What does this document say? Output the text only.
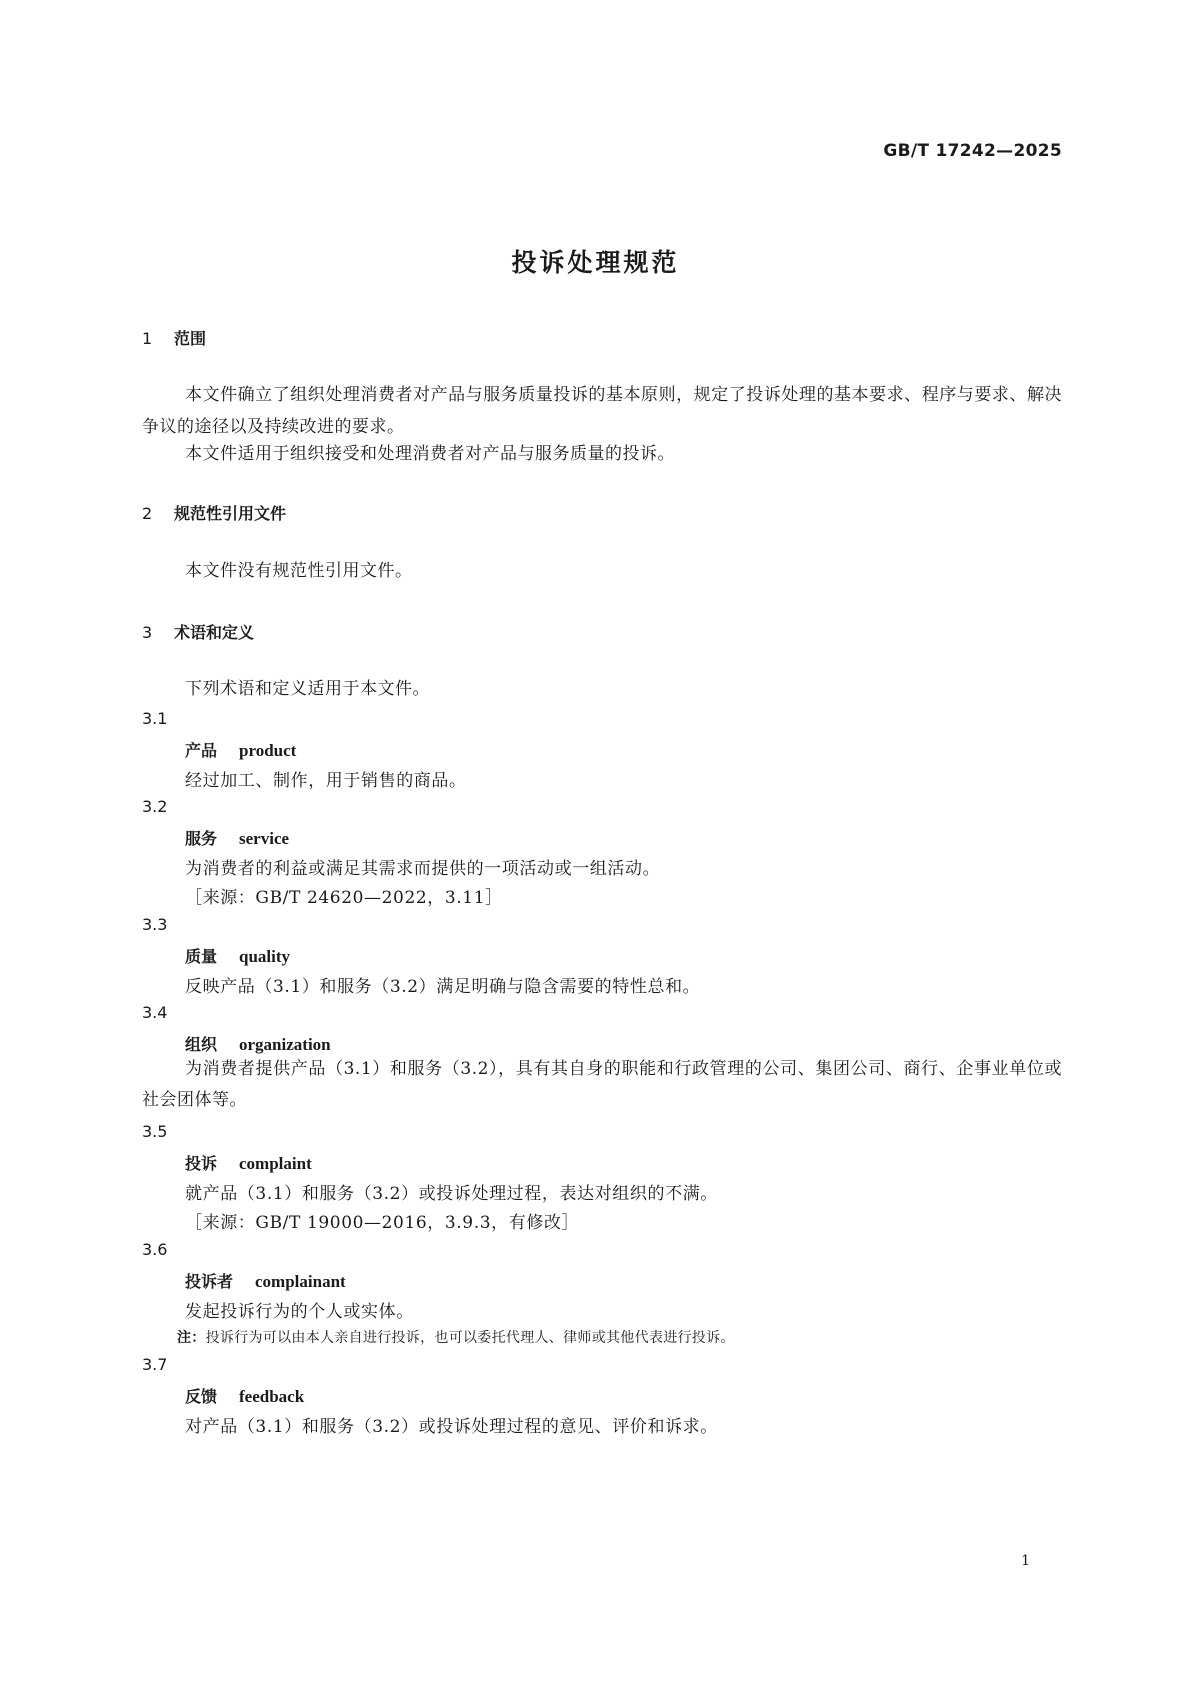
GB/T 17242—2025
投诉处理规范
1 范围
本文件确立了组织处理消费者对产品与服务质量投诉的基本原则，规定了投诉处理的基本要求、程序与要求、解决争议的途径以及持续改进的要求。
本文件适用于组织接受和处理消费者对产品与服务质量的投诉。
2 规范性引用文件
本文件没有规范性引用文件。
3 术语和定义
下列术语和定义适用于本文件。
3.1
产品 product
经过加工、制作，用于销售的商品。
3.2
服务 service
为消费者的利益或满足其需求而提供的一项活动或一组活动。
［来源：GB/T 24620—2022，3.11］
3.3
质量 quality
反映产品（3.1）和服务（3.2）满足明确与隐含需要的特性总和。
3.4
组织 organization
为消费者提供产品（3.1）和服务（3.2），具有其自身的职能和行政管理的公司、集团公司、商行、企事业单位或社会团体等。
3.5
投诉 complaint
就产品（3.1）和服务（3.2）或投诉处理过程，表达对组织的不满。
［来源：GB/T 19000—2016，3.9.3，有修改］
3.6
投诉者 complainant
发起投诉行为的个人或实体。
注：投诉行为可以由本人亲自进行投诉，也可以委托代理人、律师或其他代表进行投诉。
3.7
反馈 feedback
对产品（3.1）和服务（3.2）或投诉处理过程的意见、评价和诉求。
1
